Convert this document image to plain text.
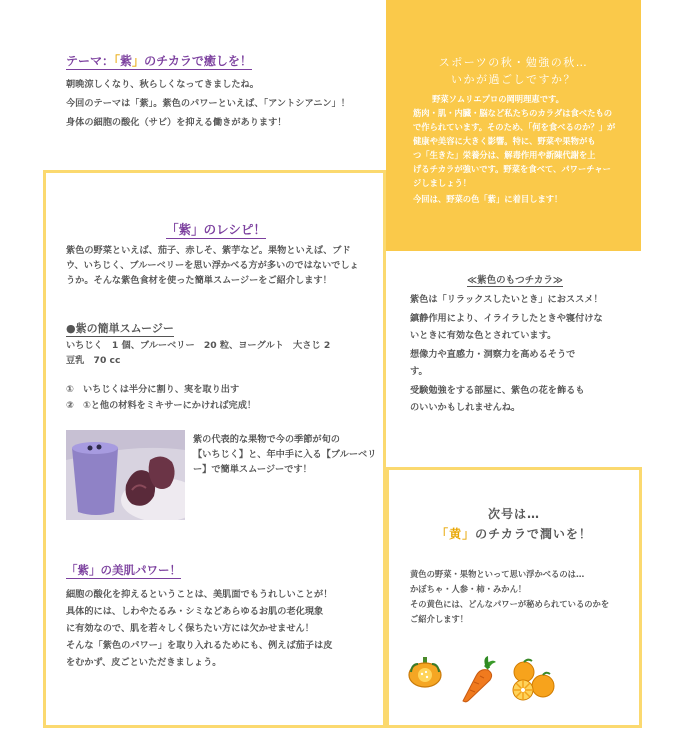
テーマ：「紫」のチカラで癒しを！
朝晩涼しくなり、秋らしくなってきましたね。
今回のテーマは「紫」。紫色のパワーといえば、「アントシアニン」！
身体の細胞の酸化（サビ）を抑える働きがあります！
スポーツの秋・勉強の秋…
いかが過ごしですか？
野菜ソムリエプロの岡明理恵です。
筋肉・肌・内臓・脳など私たちのカラダは食べたもの
で作られています。そのため、「何を食べるのか？」が
健康や美容に大きく影響。特に、野菜や果物がも
つ「生きた」栄養分は、解毒作用や新陳代謝を上
げるチカラが強いです。野菜を食べて、パワーチャー
ジしましょう！
今回は、野菜の色「紫」に着目します！
「紫」のレシピ！
紫色の野菜といえば、茄子、赤しそ、紫芋など。果物といえば、ブド
ウ、いちじく、ブルーベリーを思い浮かべる方が多いのではないでしょ
うか。そんな紫色食材を使った簡単スムージーをご紹介します！
●紫の簡単スムージー
いちじく　1 個、ブルーベリー　20 粒、ヨーグルト　大さじ 2
豆乳　70 cc
①　いちじくは半分に割り、実を取り出す
②　①と他の材料をミキサーにかければ完成！
紫の代表的な果物で今の季節が旬の
【いちじく】と、年中手に入る【ブルーベリ
ー】で簡単スムージーです！
「紫」の美肌パワー！
細胞の酸化を抑えるということは、美肌面でもうれしいことが！
具体的には、しわやたるみ・シミなどあらゆるお肌の老化現象
に有効なので、肌を若々しく保ちたい方には欠かせません！
そんな「紫色のパワー」を取り入れるためにも、例えば茄子は皮
をむかず、皮ごといただきましょう。
≪紫色のもつチカラ≫
紫色は「リラックスしたいとき」におススメ！
鎮静作用により、イライラしたときや寝付けな
いときに有効な色とされています。
想像力や直感力・洞察力を高めるそうで
す。
受験勉強をする部屋に、紫色の花を飾るも
のいいかもしれませんね。
次号は…
「黄」のチカラで潤いを！
黄色の野菜・果物といって思い浮かべるのは…
かぼちゃ・人参・柿・みかん！
その黄色には、どんなパワーが秘められているのかを
ご紹介します！
